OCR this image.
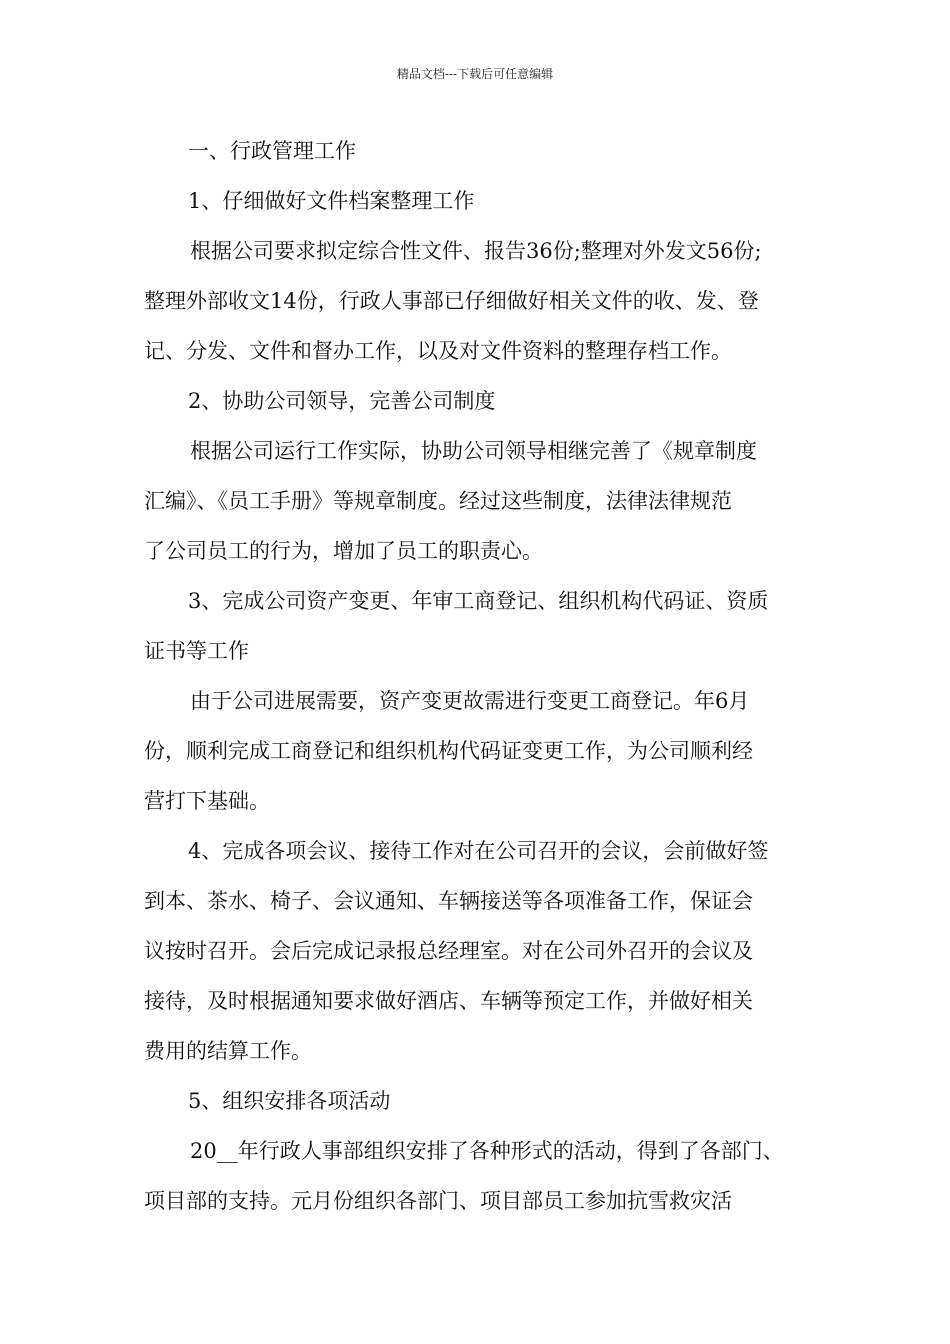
精品文档---下载后可任意编辑
一、行政管理工作
1、仔细做好文件档案整理工作
根据公司要求拟定综合性文件、报告36份;整理对外发文56份;
整理外部收文14份，行政人事部已仔细做好相关文件的收、发、登
记、分发、文件和督办工作，以及对文件资料的整理存档工作。
2、协助公司领导，完善公司制度
根据公司运行工作实际，协助公司领导相继完善了《规章制度
汇编》、《员工手册》等规章制度。经过这些制度，法律法律规范
了公司员工的行为，增加了员工的职责心。
3、完成公司资产变更、年审工商登记、组织机构代码证、资质
证书等工作
由于公司进展需要，资产变更故需进行变更工商登记。年6月
份，顺利完成工商登记和组织机构代码证变更工作，为公司顺利经
营打下基础。
4、完成各项会议、接待工作对在公司召开的会议，会前做好签
到本、茶水、椅子、会议通知、车辆接送等各项准备工作，保证会
议按时召开。会后完成记录报总经理室。对在公司外召开的会议及
接待，及时根据通知要求做好酒店、车辆等预定工作，并做好相关
费用的结算工作。
5、组织安排各项活动
20__年行政人事部组织安排了各种形式的活动，得到了各部门、
项目部的支持。元月份组织各部门、项目部员工参加抗雪救灾活
